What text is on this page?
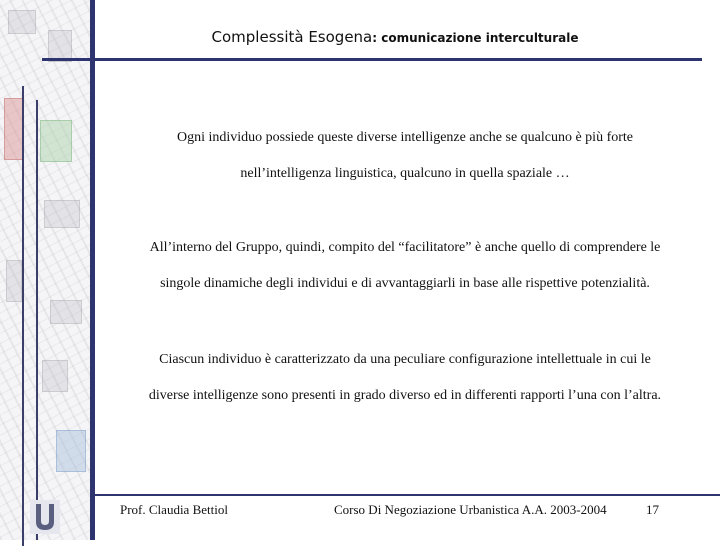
Complessità Esogena: comunicazione interculturale
Ogni individuo possiede queste diverse intelligenze anche se qualcuno è più forte
nell’intelligenza linguistica, qualcuno in quella spaziale …
All’interno del Gruppo, quindi, compito del “facilitatore” è anche quello di comprendere le
singole dinamiche degli individui e di avvantaggiarli in base alle rispettive potenzialità.
Ciascun individuo è caratterizzato da una peculiare configurazione intellettuale in cui le
diverse intelligenze sono presenti in grado diverso ed in differenti rapporti l’una con l’altra.
Prof. Claudia Bettiol	Corso Di Negoziazione Urbanistica A.A. 2003-2004	17
